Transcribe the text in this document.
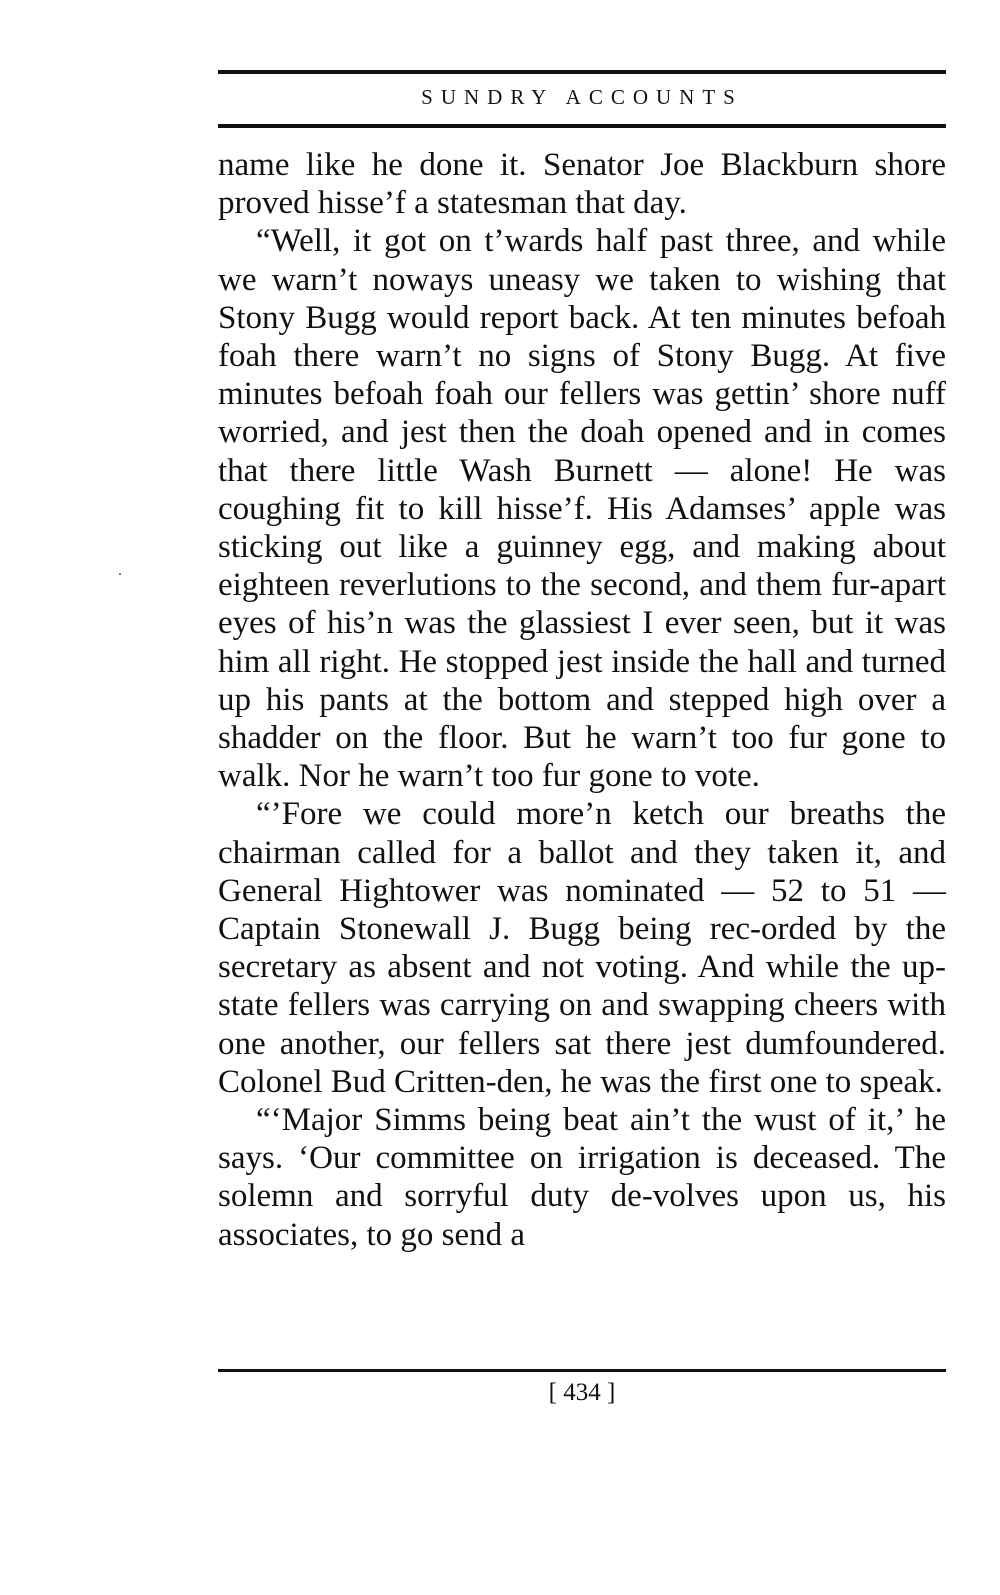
SUNDRY ACCOUNTS

name like he done it. Senator Joe Blackburn shore proved hisse’f a statesman that day.

“Well, it got on t’wards half past three, and while we warn’t noways uneasy we taken to wishing that Stony Bugg would report back. At ten minutes befoah foah there warn’t no signs of Stony Bugg. At five minutes befoah foah our fellers was gettin’ shore nuff worried, and jest then the doah opened and in comes that there little Wash Burnett — alone! He was coughing fit to kill hisse’f. His Adamses’ apple was sticking out like a guinney egg, and making about eighteen reverlutions to the second, and them fur-apart eyes of his’n was the glassiest I ever seen, but it was him all right. He stopped jest inside the hall and turned up his pants at the bottom and stepped high over a shadder on the floor. But he warn’t too fur gone to walk. Nor he warn’t too fur gone to vote.

“’Fore we could more’n ketch our breaths the chairman called for a ballot and they taken it, and General Hightower was nominated — 52 to 51 — Captain Stonewall J. Bugg being rec-orded by the secretary as absent and not voting. And while the up-state fellers was carrying on and swapping cheers with one another, our fellers sat there jest dumfoundered. Colonel Bud Critten-den, he was the first one to speak.

“‘Major Simms being beat ain’t the wust of it,’ he says. ‘Our committee on irrigation is deceased. The solemn and sorryful duty de-volves upon us, his associates, to go send a

[ 434 ]
